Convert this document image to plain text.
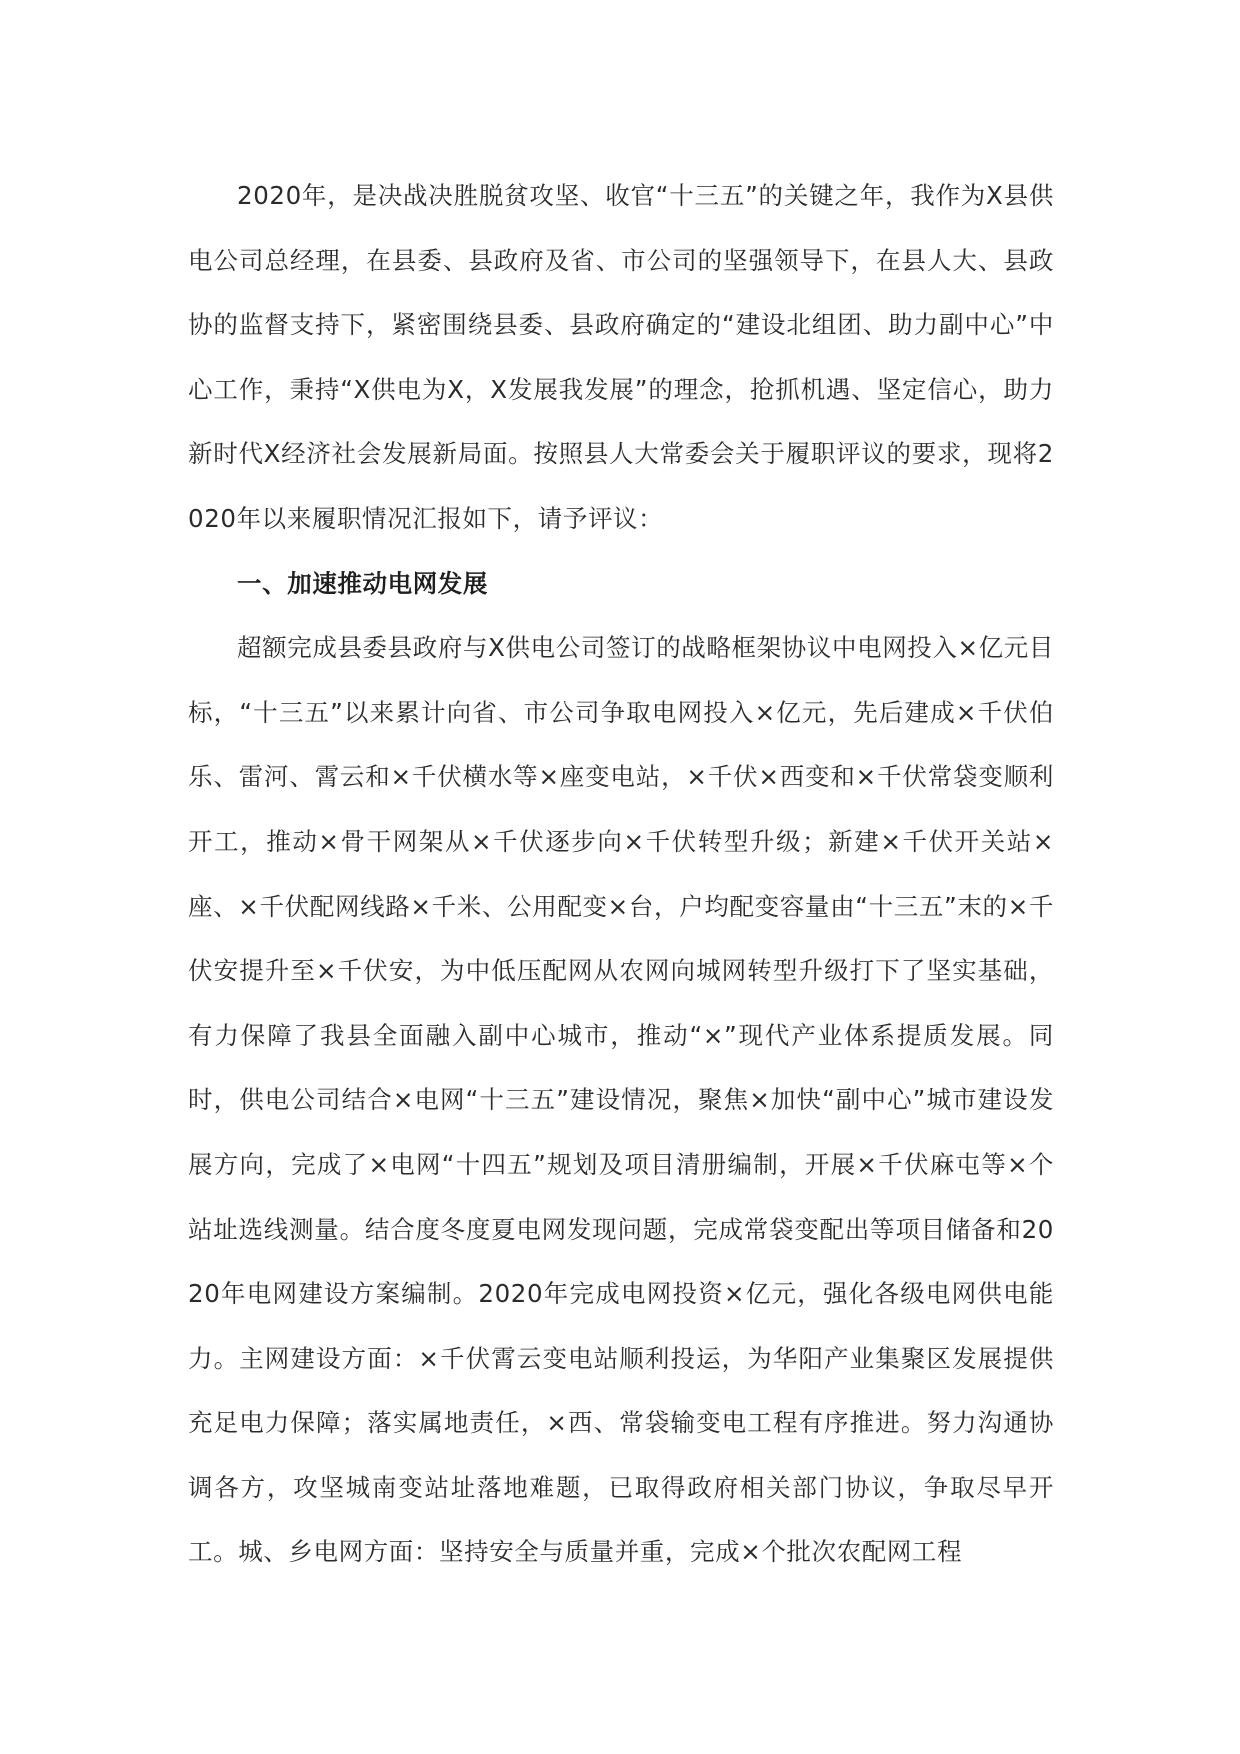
2020年，是决战决胜脱贫攻坚、收官“十三五”的关键之年，我作为X县供电公司总经理，在县委、县政府及省、市公司的坚强领导下，在县人大、县政协的监督支持下，紧密围绕县委、县政府确定的“建设北组团、助力副中心”中心工作，秉持“X供电为X，X发展我发展”的理念，抢抓机遇、坚定信心，助力新时代X经济社会发展新局面。按照县人大常委会关于履职评议的要求，现将2020年以来履职情况汇报如下，请予评议：

一、加速推动电网发展

超额完成县委县政府与X供电公司签订的战略框架协议中电网投入×亿元目标，“十三五”以来累计向省、市公司争取电网投入×亿元，先后建成×千伏伯乐、雷河、霄云和×千伏横水等×座变电站，×千伏×西变和×千伏常袋变顺利开工，推动×骨干网架从×千伏逐步向×千伏转型升级；新建×千伏开关站×座、×千伏配网线路×千米、公用配变×台，户均配变容量由“十三五”末的×千伏安提升至×千伏安，为中低压配网从农网向城网转型升级打下了坚实基础，有力保障了我县全面融入副中心城市，推动“×”现代产业体系提质发展。同时，供电公司结合×电网“十三五”建设情况，聚焦×加快“副中心”城市建设发展方向，完成了×电网“十四五”规划及项目清册编制，开展×千伏麻屯等×个站址选线测量。结合度冬度夏电网发现问题，完成常袋变配出等项目储备和2020年电网建设方案编制。2020年完成电网投资×亿元，强化各级电网供电能力。主网建设方面：×千伏霄云变电站顺利投运，为华阳产业集聚区发展提供充足电力保障；落实属地责任，×西、常袋输变电工程有序推进。努力沟通协调各方，攻坚城南变站址落地难题，已取得政府相关部门协议，争取尽早开工。城、乡电网方面：坚持安全与质量并重，完成×个批次农配网工程
